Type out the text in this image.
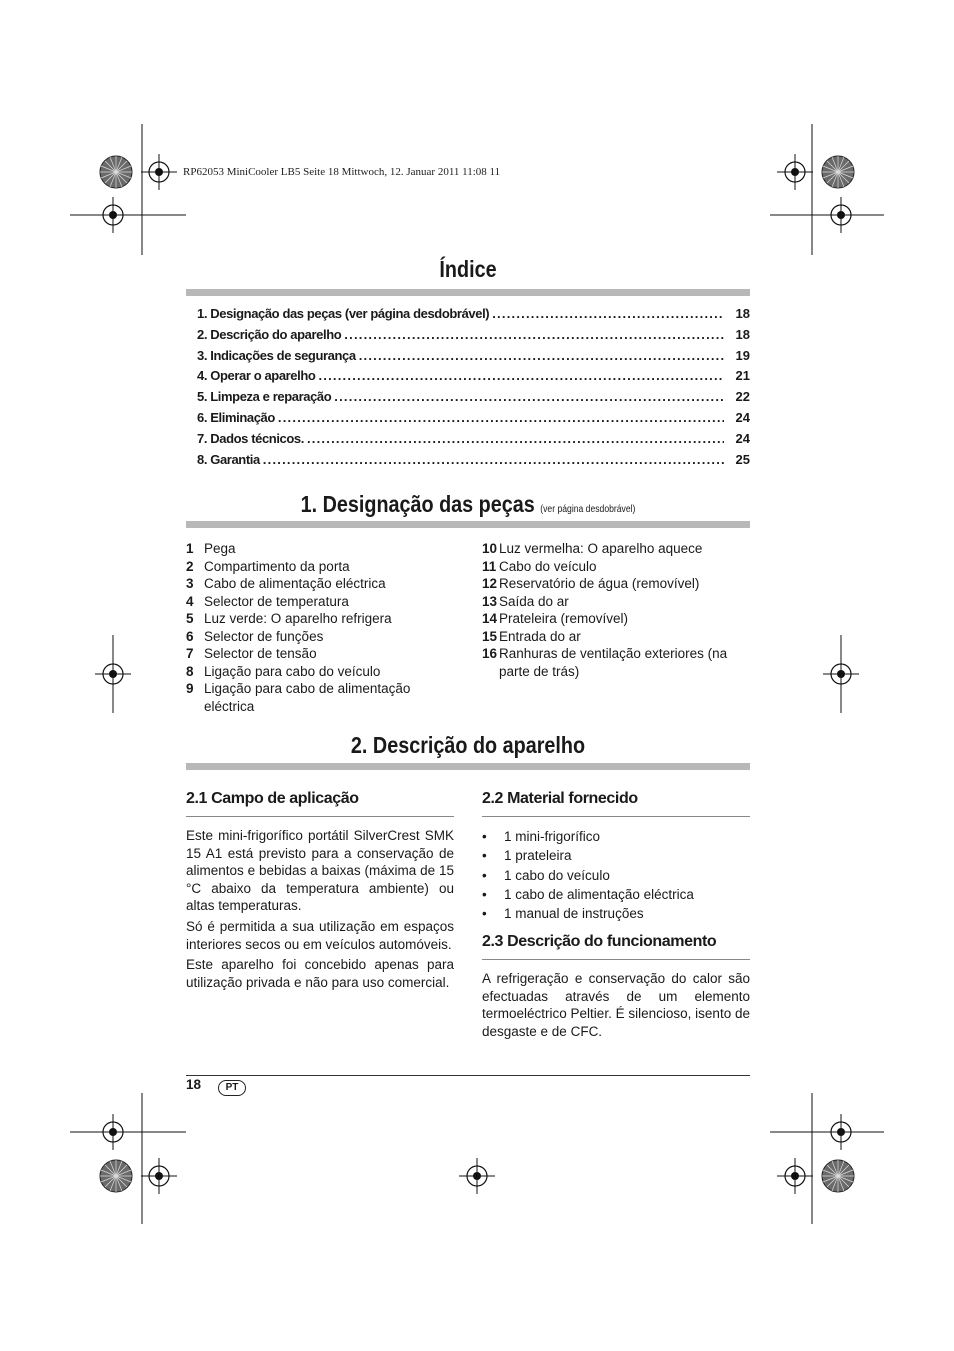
RP62053 MiniCooler LB5 Seite 18 Mittwoch, 12. Januar 2011 11:08 11
Índice
1. Designação das peças (ver página desdobrável) . . .	18
2. Descrição do aparelho . . .	18
3. Indicações de segurança . . .	19
4. Operar o aparelho . . .	21
5. Limpeza e reparação . . .	22
6. Eliminação . . .	24
7. Dados técnicos. . . .	24
8. Garantia . . .	25
1. Designação das peças (ver página desdobrável)
1 Pega
2 Compartimento da porta
3 Cabo de alimentação eléctrica
4 Selector de temperatura
5 Luz verde: O aparelho refrigera
6 Selector de funções
7 Selector de tensão
8 Ligação para cabo do veículo
9 Ligação para cabo de alimentação eléctrica
10 Luz vermelha: O aparelho aquece
11 Cabo do veículo
12 Reservatório de água (removível)
13 Saída do ar
14 Prateleira (removível)
15 Entrada do ar
16 Ranhuras de ventilação exteriores (na parte de trás)
2. Descrição do aparelho
2.1 Campo de aplicação

Este mini-frigorífico portátil SilverCrest SMK 15 A1 está previsto para a conservação de alimentos e bebidas a baixas (máxima de 15 °C abaixo da temperatura ambiente) ou altas temperaturas.

Só é permitida a sua utilização em espaços interiores secos ou em veículos automóveis.

Este aparelho foi concebido apenas para utilização privada e não para uso comercial.

2.2 Material fornecido
•	1 mini-frigorífico
•	1 prateleira
•	1 cabo do veículo
•	1 cabo de alimentação eléctrica
•	1 manual de instruções
2.3 Descrição do funcionamento
A refrigeração e conservação do calor são efectuadas através de um elemento termoeléctrico Peltier. É silencioso, isento de desgaste e de CFC.
18	PT
